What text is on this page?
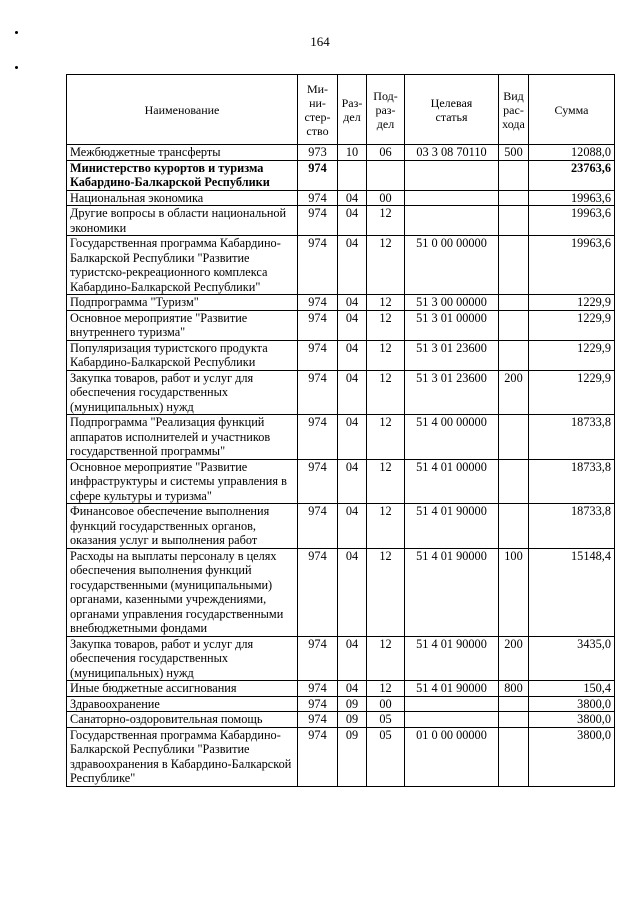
164
Наименование	Ми-
ни-
стер-
ство	Раз-
дел	Под-
раз-
дел	Целевая
статья	Вид
рас-
хода	Сумма
Межбюджетные трансферты	973	10	06	03 3 08 70110	500	12088,0
Министерство курортов и туризма Кабардино-Балкарской Республики	974					23763,6
Национальная экономика	974	04	00			19963,6
Другие вопросы в области национальной экономики	974	04	12			19963,6
Государственная программа Кабардино-Балкарской Республики "Развитие туристско-рекреационного комплекса Кабардино-Балкарской Республики"	974	04	12	51 0 00 00000		19963,6
Подпрограмма "Туризм"	974	04	12	51 3 00 00000		1229,9
Основное мероприятие "Развитие внутреннего туризма"	974	04	12	51 3 01 00000		1229,9
Популяризация туристского продукта Кабардино-Балкарской Республики	974	04	12	51 3 01 23600		1229,9
Закупка товаров, работ и услуг для обеспечения государственных (муниципальных) нужд	974	04	12	51 3 01 23600	200	1229,9
Подпрограмма "Реализация функций аппаратов исполнителей и участников государственной программы"	974	04	12	51 4 00 00000		18733,8
Основное мероприятие "Развитие инфраструктуры и системы управления в сфере культуры и туризма"	974	04	12	51 4 01 00000		18733,8
Финансовое обеспечение выполнения функций государственных органов, оказания услуг и выполнения работ	974	04	12	51 4 01 90000		18733,8
Расходы на выплаты персоналу в целях обеспечения выполнения функций государственными (муниципальными) органами, казенными учреждениями, органами управления государственными внебюджетными фондами	974	04	12	51 4 01 90000	100	15148,4
Закупка товаров, работ и услуг для обеспечения государственных (муниципальных) нужд	974	04	12	51 4 01 90000	200	3435,0
Иные бюджетные ассигнования	974	04	12	51 4 01 90000	800	150,4
Здравоохранение	974	09	00			3800,0
Санаторно-оздоровительная помощь	974	09	05			3800,0
Государственная программа Кабардино-Балкарской Республики "Развитие здравоохранения в Кабардино-Балкарской Республике"	974	09	05	01 0 00 00000		3800,0
